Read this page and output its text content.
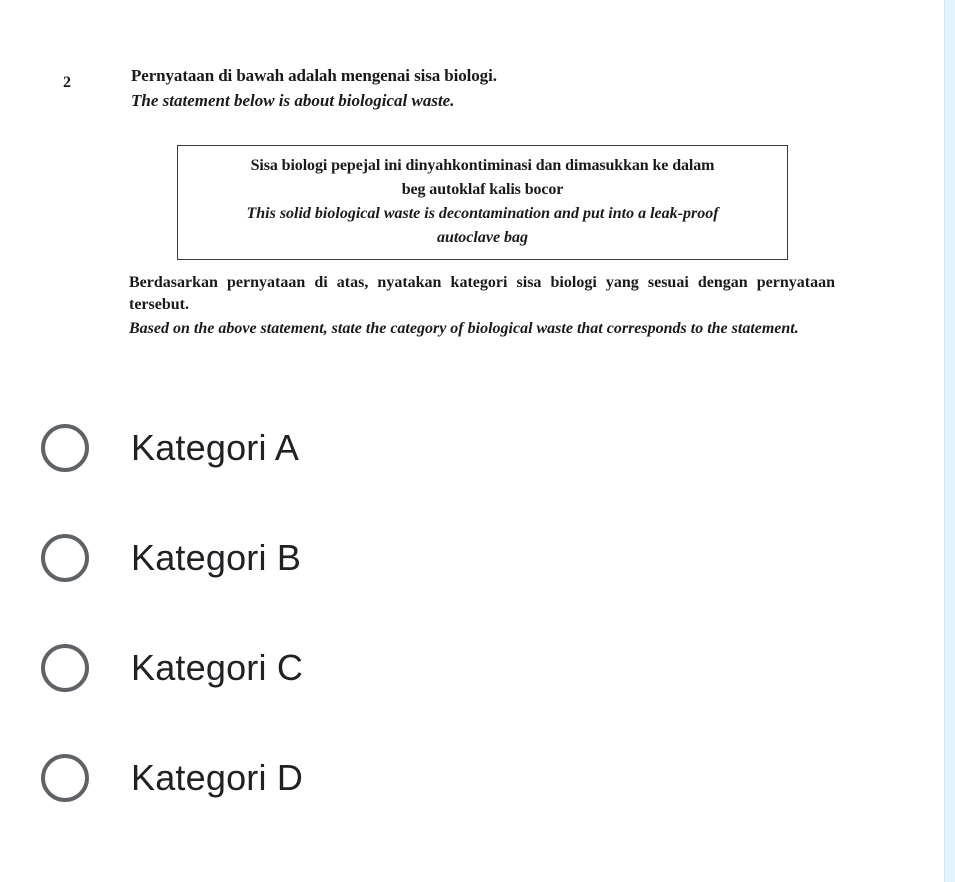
2	Pernyataan di bawah adalah mengenai sisa biologi.
The statement below is about biological waste.
Sisa biologi pepejal ini dinyahkontiminasi dan dimasukkan ke dalam
beg autoklaf kalis bocor
This solid biological waste is decontamination and put into a leak-proof
autoclave bag
Berdasarkan pernyataan di atas, nyatakan kategori sisa biologi yang sesuai dengan pernyataan tersebut.
Based on the above statement, state the category of biological waste that corresponds to the statement.
Kategori A
Kategori B
Kategori C
Kategori D
